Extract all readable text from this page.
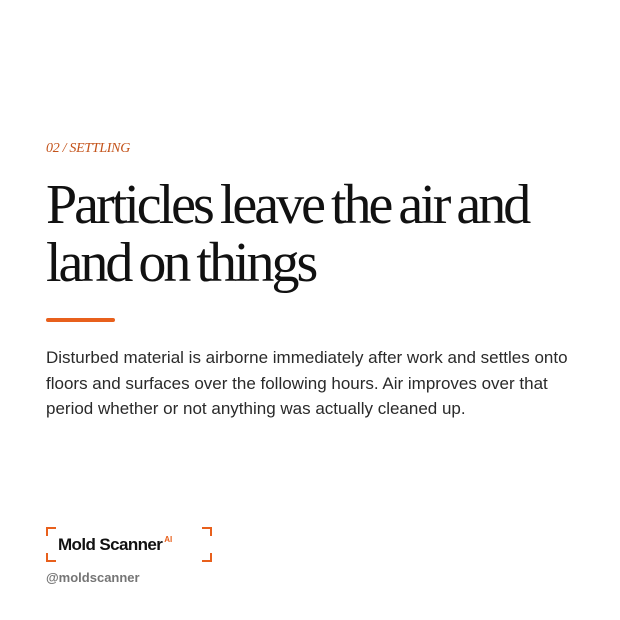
02 / SETTLING
Particles leave the air and land on things

Disturbed material is airborne immediately after work and settles onto floors and surfaces over the following hours. Air improves over that period whether or not anything was actually cleaned up.

Mold Scanner $^{AI}$
@moldscanner
